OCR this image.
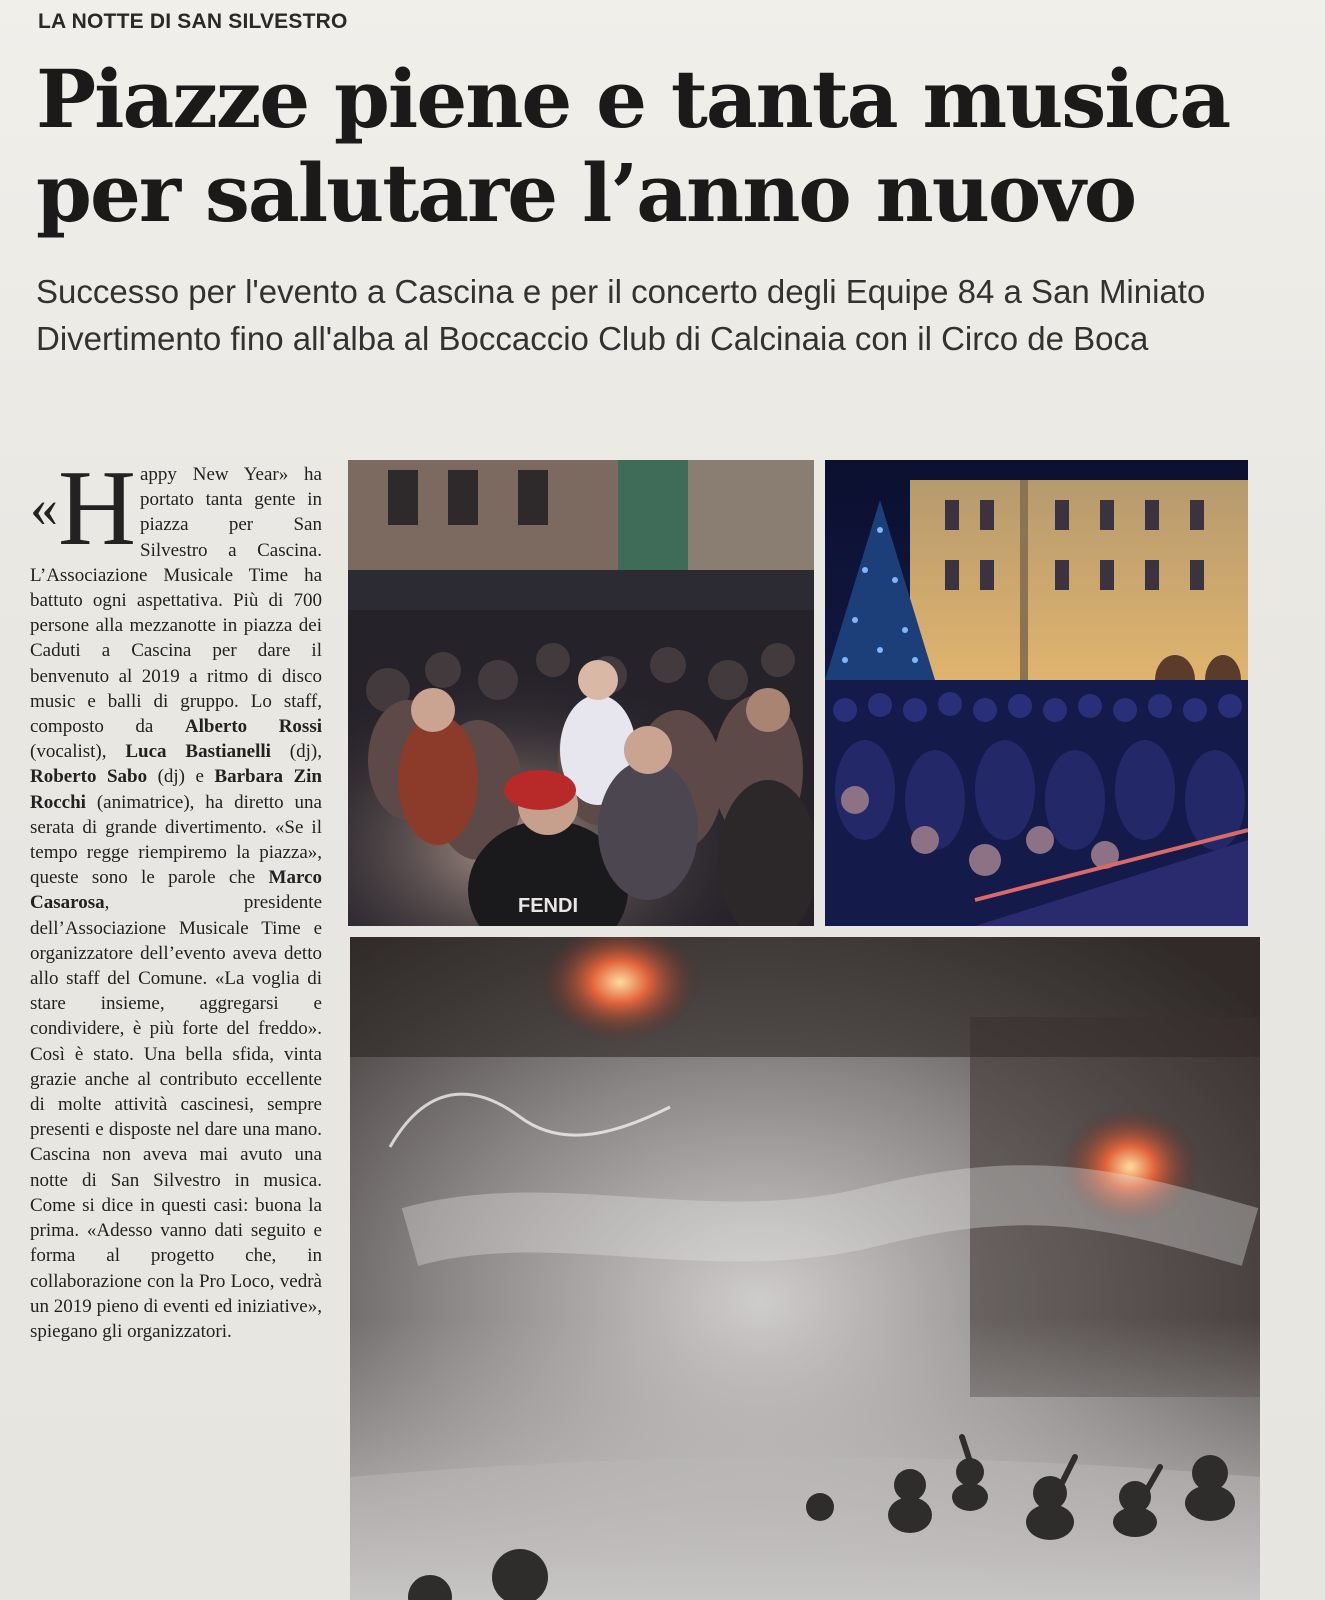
LA NOTTE DI SAN SILVESTRO
Piazze piene e tanta musica
per salutare l’anno nuovo
Successo per l'evento a Cascina e per il concerto degli Equipe 84 a San Miniato
Divertimento fino all'alba al Boccaccio Club di Calcinaia con il Circo de Boca
«H appy New Year» ha portato tanta gente in piazza per San Silvestro a Cascina. L’Associazione Musicale Time ha battuto ogni aspettativa. Più di 700 persone alla mezzanotte in piazza dei Caduti a Cascina per dare il benvenuto al 2019 a ritmo di disco music e balli di gruppo. Lo staff, composto da Alberto Rossi (vocalist), Luca Bastianelli (dj), Roberto Sabo (dj) e Barbara Zin Rocchi (animatrice), ha diretto una serata di grande divertimento. «Se il tempo regge riempiremo la piazza», queste sono le parole che Marco Casarosa, presidente dell’Associazione Musicale Time e organizzatore dell’evento aveva detto allo staff del Comune. «La voglia di stare insieme, aggregarsi e condividere, è più forte del freddo». Così è stato. Una bella sfida, vinta grazie anche al contributo eccellente di molte attività cascinesi, sempre presenti e disposte nel dare una mano. Cascina non aveva mai avuto una notte di San Silvestro in musica. Come si dice in questi casi: buona la prima. «Adesso vanno dati seguito e forma al progetto che, in collaborazione con la Pro Loco, vedrà un 2019 pieno di eventi ed iniziative», spiegano gli organizzatori.
FENDI
